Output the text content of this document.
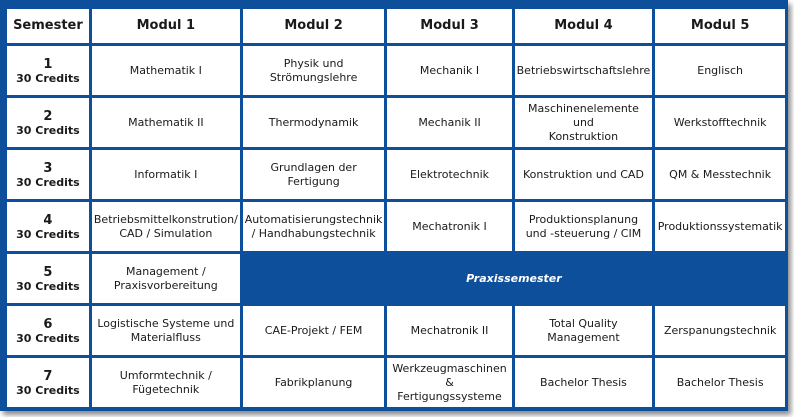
Semester	Modul 1	Modul 2	Modul 3	Modul 4	Modul 5

1
30 Credits	Mathematik I	Physik und
Strömungslehre	Mechanik I	Betriebswirtschaftslehre	Englisch

2
30 Credits	Mathematik II	Thermodynamik	Mechanik II	Maschinenelemente und
Konstruktion	Werkstofftechnik

3
30 Credits	Informatik I	Grundlagen der
Fertigung	Elektrotechnik	Konstruktion und CAD	QM & Messtechnik

4
30 Credits	Betriebsmittelkonstrution/
CAD / Simulation	Automatisierungstechnik
/ Handhabungstechnik	Mechatronik I	Produktionsplanung
und -steuerung / CIM	Produktionssystematik

5
30 Credits	Management /
Praxisvorbereitung	Praxissemester			

6
30 Credits	Logistische Systeme und
Materialfluss	CAE-Projekt / FEM	Mechatronik II	Total Quality
Management	Zerspanungstechnik

7
30 Credits	Umformtechnik /
Fügetechnik	Fabrikplanung	Werkzeugmaschinen &
Fertigungssysteme	Bachelor Thesis	Bachelor Thesis
